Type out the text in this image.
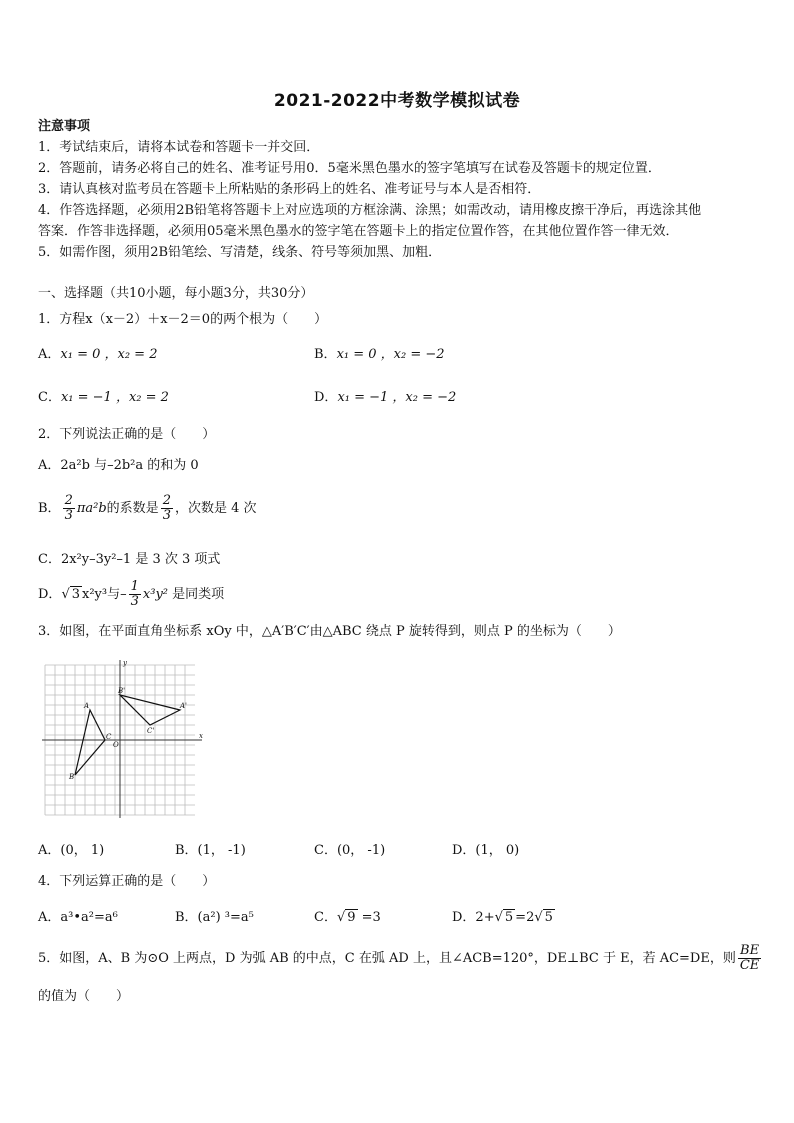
2021-2022中考数学模拟试卷
注意事项
1．考试结束后，请将本试卷和答题卡一并交回．
2．答题前，请务必将自己的姓名、准考证号用0．5毫米黑色墨水的签字笔填写在试卷及答题卡的规定位置．
3．请认真核对监考员在答题卡上所粘贴的条形码上的姓名、准考证号与本人是否相符．
4．作答选择题，必须用2B铅笔将答题卡上对应选项的方框涂满、涂黑；如需改动，请用橡皮擦干净后，再选涂其他
答案．作答非选择题，必须用05毫米黑色墨水的签字笔在答题卡上的指定位置作答，在其他位置作答一律无效．
5．如需作图，须用2B铅笔绘、写清楚，线条、符号等须加黑、加粗．
一、选择题（共10小题，每小题3分，共30分）
1．方程x（x－2）＋x－2＝0的两个根为（　　）
A．x₁ = 0 ，x₂ = 2	B．x₁ = 0 ，x₂ = −2
C．x₁ = −1 ，x₂ = 2	D．x₁ = −1 ，x₂ = −2
2．下列说法正确的是（　　）
A．2a²b 与–2b²a 的和为 0
B． $\frac{2}{3} \pi a^2b$的系数是 $\frac{2}{3}$ ，次数是 4 次
C．2x²y–3y²–1 是 3 次 3 项式
D．√ 3 x²y³与– $\frac{1}{3} x^3y^2$ 是同类项
3．如图，在平面直角坐标系 xOy 中，△A′B′C′由△ABC 绕点 P 旋转得到，则点 P 的坐标为（　　）
y
x
O
A
B
C
A'
B'
C'
A．(0， 1)	B．(1， -1)	C．(0， -1)	D．(1， 0)
4．下列运算正确的是（　　）
A．a³•a²=a⁶	B．(a²) ³=a⁵	C．√ 9 =3	D．2+√ 5 =2√ 5
5．如图，A、B 为⊙O 上两点，D 为弧 AB 的中点，C 在弧 AD 上，且∠ACB=120°，DE⊥BC 于 E，若 AC=DE，则 $\frac{BE}{CE}$
的值为（　　）
